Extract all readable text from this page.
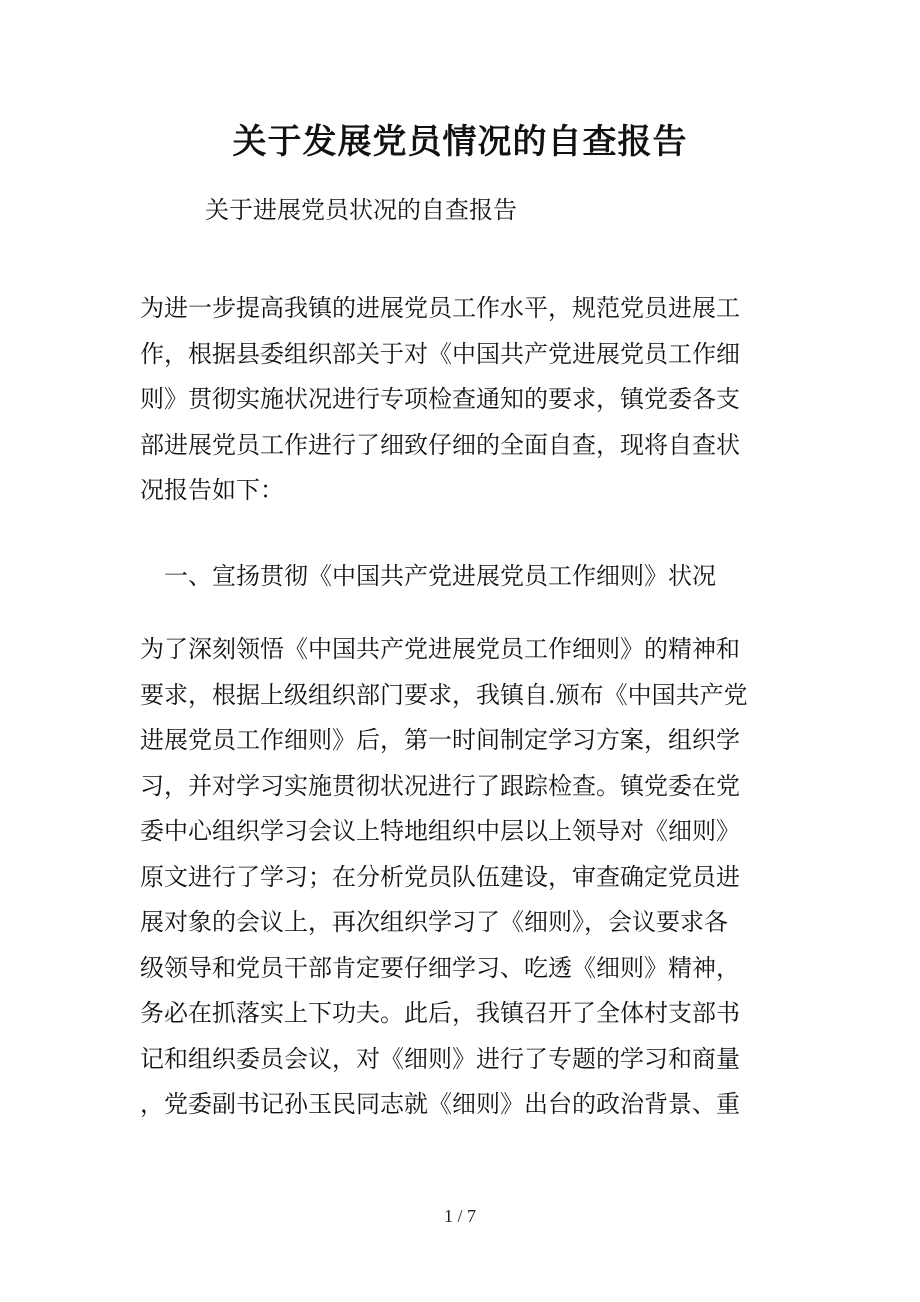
关于发展党员情况的自查报告

关于进展党员状况的自查报告

为进一步提高我镇的进展党员工作水平，规范党员进展工
作，根据县委组织部关于对《中国共产党进展党员工作细
则》贯彻实施状况进行专项检查通知的要求，镇党委各支
部进展党员工作进行了细致仔细的全面自查，现将自查状
况报告如下：

一、宣扬贯彻《中国共产党进展党员工作细则》状况

为了深刻领悟《中国共产党进展党员工作细则》的精神和
要求，根据上级组织部门要求，我镇自.颁布《中国共产党
进展党员工作细则》后，第一时间制定学习方案，组织学
习，并对学习实施贯彻状况进行了跟踪检查。镇党委在党
委中心组织学习会议上特地组织中层以上领导对《细则》
原文进行了学习；在分析党员队伍建设，审查确定党员进
展对象的会议上，再次组织学习了《细则》，会议要求各
级领导和党员干部肯定要仔细学习、吃透《细则》精神，
务必在抓落实上下功夫。此后，我镇召开了全体村支部书
记和组织委员会议，对《细则》进行了专题的学习和商量
，党委副书记孙玉民同志就《细则》出台的政治背景、重
1 / 7
